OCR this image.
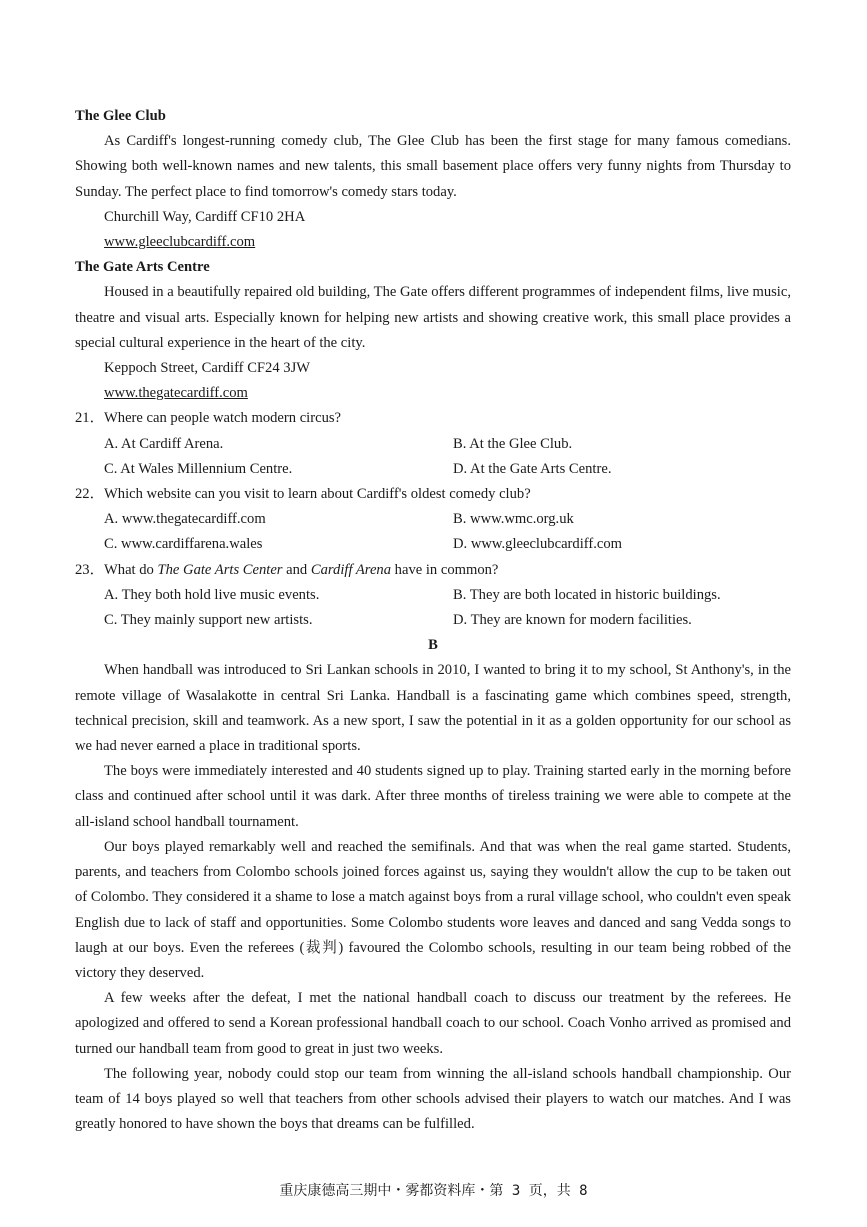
The Glee Club

As Cardiff's longest-running comedy club, The Glee Club has been the first stage for many famous comedians. Showing both well-known names and new talents, this small basement place offers very funny nights from Thursday to Sunday. The perfect place to find tomorrow's comedy stars today.

Churchill Way, Cardiff CF10 2HA

www.gleeclubcardiff.com

The Gate Arts Centre

Housed in a beautifully repaired old building, The Gate offers different programmes of independent films, live music, theatre and visual arts. Especially known for helping new artists and showing creative work, this small place provides a special cultural experience in the heart of the city.

Keppoch Street, Cardiff CF24 3JW

www.thegatecardiff.com

21． Where can people watch modern circus?

A. At Cardiff Arena.	B. At the Glee Club.
C. At Wales Millennium Centre.	D. At the Gate Arts Centre.

22． Which website can you visit to learn about Cardiff's oldest comedy club?

A. www.thegatecardiff.com	B. www.wmc.org.uk
C. www.cardiffarena.wales	D. www.gleeclubcardiff.com

23． What do The Gate Arts Center and Cardiff Arena have in common?

A. They both hold live music events.	B. They are both located in historic buildings.
C. They mainly support new artists.	D. They are known for modern facilities.

B

When handball was introduced to Sri Lankan schools in 2010, I wanted to bring it to my school, St Anthony's, in the remote village of Wasalakotte in central Sri Lanka. Handball is a fascinating game which combines speed, strength, technical precision, skill and teamwork. As a new sport, I saw the potential in it as a golden opportunity for our school as we had never earned a place in traditional sports.

The boys were immediately interested and 40 students signed up to play. Training started early in the morning before class and continued after school until it was dark. After three months of tireless training we were able to compete at the all-island school handball tournament.

Our boys played remarkably well and reached the semifinals. And that was when the real game started. Students, parents, and teachers from Colombo schools joined forces against us, saying they wouldn't allow the cup to be taken out of Colombo. They considered it a shame to lose a match against boys from a rural village school, who couldn't even speak English due to lack of staff and opportunities. Some Colombo students wore leaves and danced and sang Vedda songs to laugh at our boys. Even the referees (裁判) favoured the Colombo schools, resulting in our team being robbed of the victory they deserved.

A few weeks after the defeat, I met the national handball coach to discuss our treatment by the referees. He apologized and offered to send a Korean professional handball coach to our school. Coach Vonho arrived as promised and turned our handball team from good to great in just two weeks.

The following year, nobody could stop our team from winning the all-island schools handball championship. Our team of 14 boys played so well that teachers from other schools advised their players to watch our matches. And I was greatly honored to have shown the boys that dreams can be fulfilled.

重庆康德高三期中・雾都资料库・第 3 页，共 8
